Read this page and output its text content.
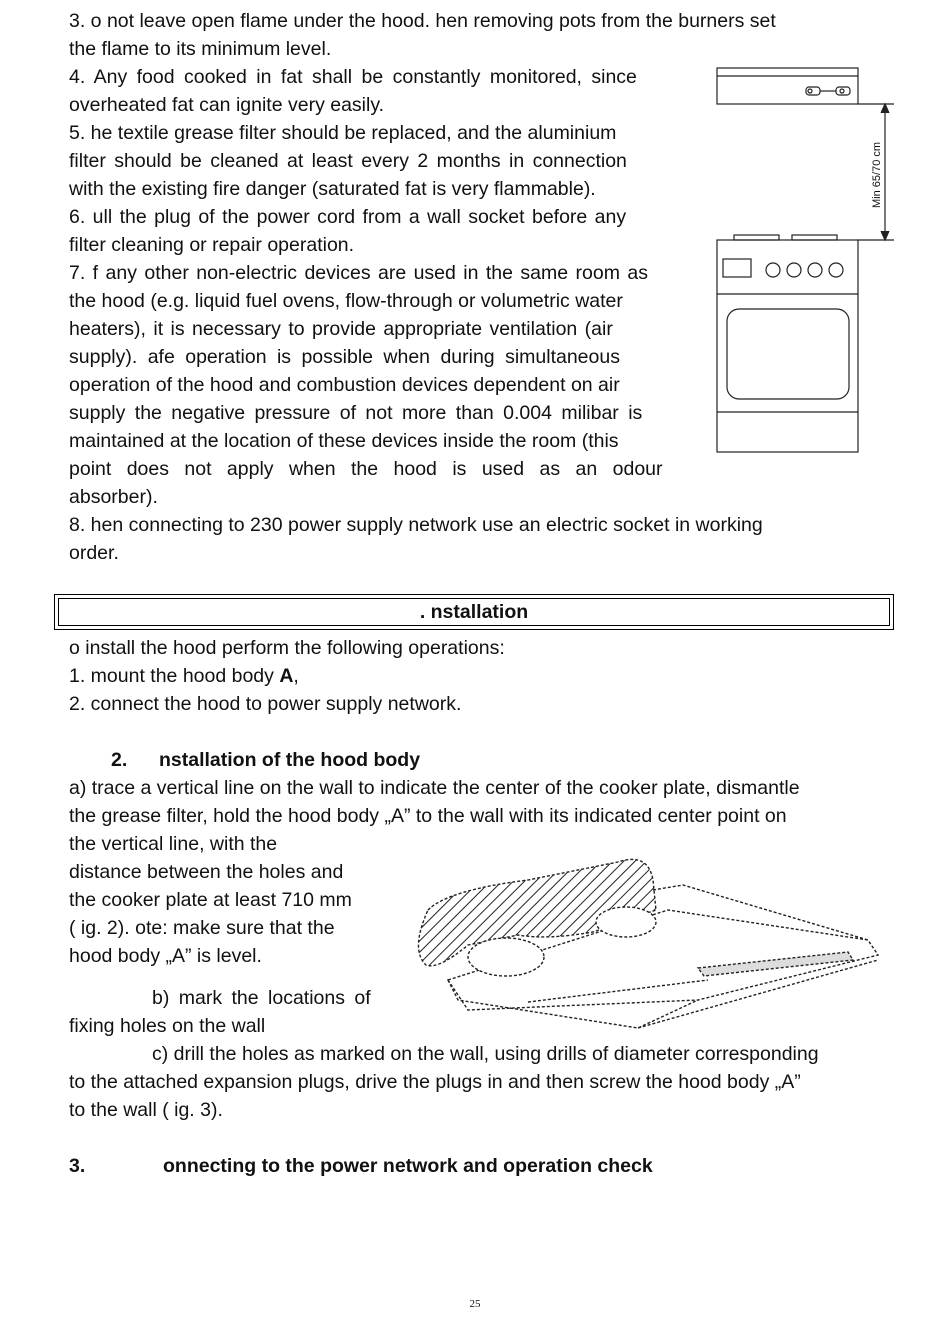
3. o not leave open flame under the hood. hen removing pots from the burners set
the flame to its minimum level.
4. Any food cooked in fat shall be constantly monitored, since
overheated fat can ignite very easily.
5. he textile grease filter should be replaced, and the aluminium
filter should be cleaned at least every 2 months in connection
with the existing fire danger (saturated fat is very flammable).
6. ull the plug of the power cord from a wall socket before any
filter cleaning or repair operation.
7. f any other non-electric devices are used in the same room as
the hood (e.g. liquid fuel ovens, flow-through or volumetric water
heaters), it is necessary to provide appropriate ventilation (air
supply). afe operation is possible when during simultaneous
operation of the hood and combustion devices dependent on air
supply the negative pressure of not more than 0.004 milibar is
maintained at the location of these devices inside the room (this
point does not apply when the hood is used as an odour
absorber).
8. hen connecting to 230 power supply network use an electric socket in working
order.
Min 65/70 cm
. nstallation
o install the hood perform the following operations:
1. mount the hood body A,
2. connect the hood to power supply network.
2. nstallation of the hood body
a) trace a vertical line on the wall to indicate the center of the cooker plate, dismantle
the grease filter, hold the hood body „A” to the wall with its indicated center point on
the vertical line, with the
distance between the holes and
the cooker plate at least 710 mm
( ig. 2). ote: make sure that the
hood body „A” is level.
b) mark the locations of
fixing holes on the wall
c) drill the holes as marked on the wall, using drills of diameter corresponding
to the attached expansion plugs, drive the plugs in and then screw the hood body „A”
to the wall ( ig. 3).
3.	onnecting to the power network and operation check
25
